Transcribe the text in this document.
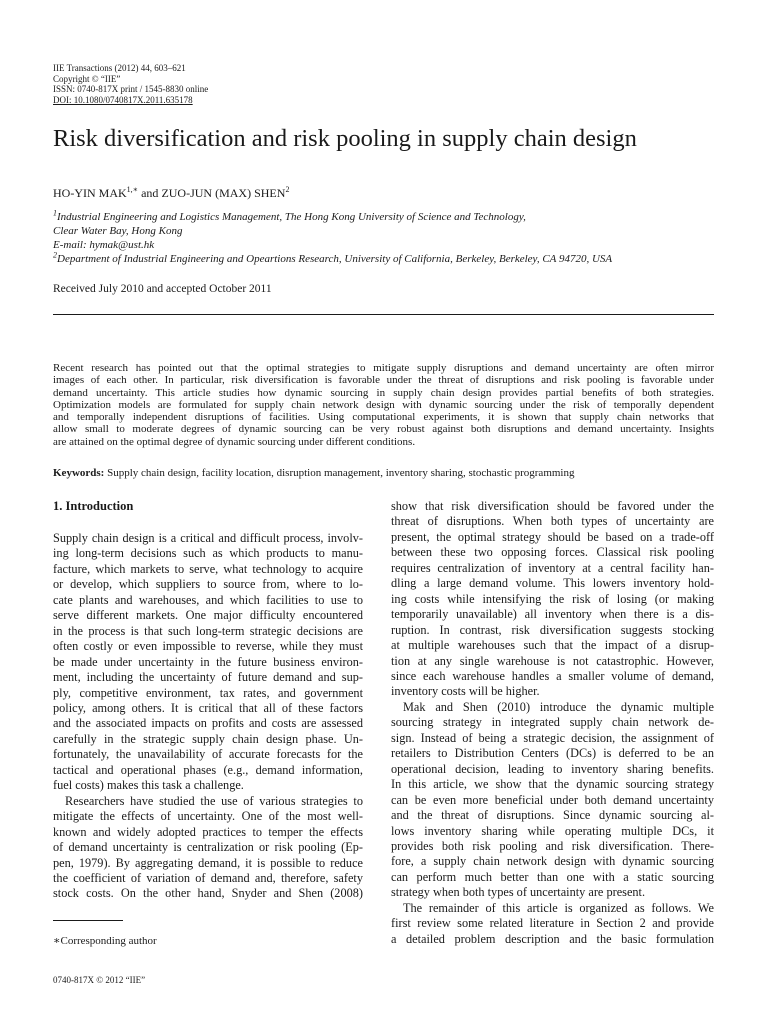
IIE Transactions (2012) 44, 603–621
Copyright © “IIE”
ISSN: 0740-817X print / 1545-8830 online
DOI: 10.1080/0740817X.2011.635178
Risk diversification and risk pooling in supply chain design
HO-YIN $MAK^{1,∗}$ and ZUO-JUN (MAX) SHEN$^2$
$^1$Industrial Engineering and Logistics Management, The Hong Kong University of Science and Technology,
Clear Water Bay, Hong Kong
E-mail: hymak@ust.hk
$^2$Department of Industrial Engineering and Opeartions Research, University of California, Berkeley, Berkeley, CA 94720, USA
Received July 2010 and accepted October 2011
Recent research has pointed out that the optimal strategies to mitigate supply disruptions and demand uncertainty are often mirror
images of each other. In particular, risk diversification is favorable under the threat of disruptions and risk pooling is favorable under
demand uncertainty. This article studies how dynamic sourcing in supply chain design provides partial benefits of both strategies.
Optimization models are formulated for supply chain network design with dynamic sourcing under the risk of temporally dependent
and temporally independent disruptions of facilities. Using computational experiments, it is shown that supply chain networks that
allow small to moderate degrees of dynamic sourcing can be very robust against both disruptions and demand uncertainty. Insights
are attained on the optimal degree of dynamic sourcing under different conditions.
Keywords: Supply chain design, facility location, disruption management, inventory sharing, stochastic programming
1. Introduction
Supply chain design is a critical and difficult process, involv-
ing long-term decisions such as which products to manu-
facture, which markets to serve, what technology to acquire
or develop, which suppliers to source from, where to lo-
cate plants and warehouses, and which facilities to use to
serve different markets. One major difficulty encountered
in the process is that such long-term strategic decisions are
often costly or even impossible to reverse, while they must
be made under uncertainty in the future business environ-
ment, including the uncertainty of future demand and sup-
ply, competitive environment, tax rates, and government
policy, among others. It is critical that all of these factors
and the associated impacts on profits and costs are assessed
carefully in the strategic supply chain design phase. Un-
fortunately, the unavailability of accurate forecasts for the
tactical and operational phases (e.g., demand information,
fuel costs) makes this task a challenge.
Researchers have studied the use of various strategies to
mitigate the effects of uncertainty. One of the most well-
known and widely adopted practices to temper the effects
of demand uncertainty is centralization or risk pooling (Ep-
pen, 1979). By aggregating demand, it is possible to reduce
the coefficient of variation of demand and, therefore, safety
stock costs. On the other hand, Snyder and Shen (2008)
show that risk diversification should be favored under the
threat of disruptions. When both types of uncertainty are
present, the optimal strategy should be based on a trade-off
between these two opposing forces. Classical risk pooling
requires centralization of inventory at a central facility han-
dling a large demand volume. This lowers inventory hold-
ing costs while intensifying the risk of losing (or making
temporarily unavailable) all inventory when there is a dis-
ruption. In contrast, risk diversification suggests stocking
at multiple warehouses such that the impact of a disrup-
tion at any single warehouse is not catastrophic. However,
since each warehouse handles a smaller volume of demand,
inventory costs will be higher.
Mak and Shen (2010) introduce the dynamic multiple
sourcing strategy in integrated supply chain network de-
sign. Instead of being a strategic decision, the assignment of
retailers to Distribution Centers (DCs) is deferred to be an
operational decision, leading to inventory sharing benefits.
In this article, we show that the dynamic sourcing strategy
can be even more beneficial under both demand uncertainty
and the threat of disruptions. Since dynamic sourcing al-
lows inventory sharing while operating multiple DCs, it
provides both risk pooling and risk diversification. There-
fore, a supply chain network design with dynamic sourcing
can perform much better than one with a static sourcing
strategy when both types of uncertainty are present.
The remainder of this article is organized as follows. We
first review some related literature in Section 2 and provide
a detailed problem description and the basic formulation
∗Corresponding author
0740-817X © 2012 “IIE”
